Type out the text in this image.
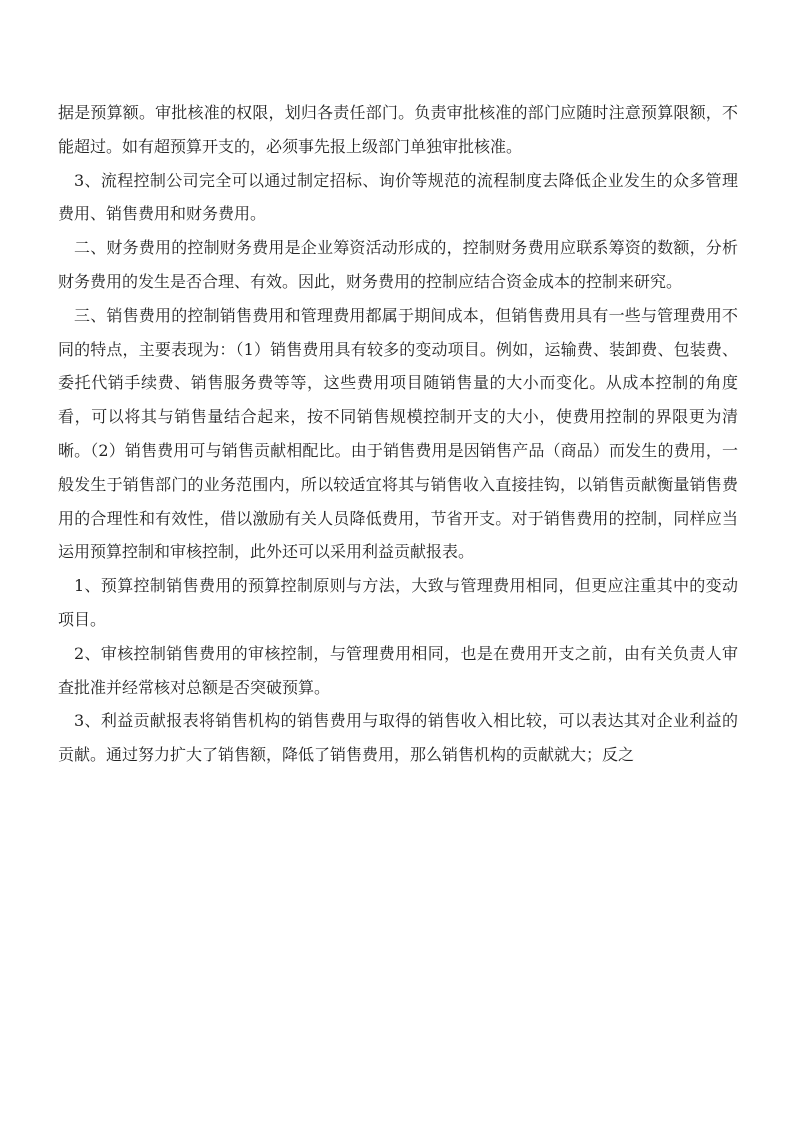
据是预算额。审批核准的权限，划归各责任部门。负责审批核准的部门应随时注意预算限额，不能超过。如有超预算开支的，必须事先报上级部门单独审批核准。

3、流程控制公司完全可以通过制定招标、询价等规范的流程制度去降低企业发生的众多管理费用、销售费用和财务费用。

二、财务费用的控制财务费用是企业筹资活动形成的，控制财务费用应联系筹资的数额，分析财务费用的发生是否合理、有效。因此，财务费用的控制应结合资金成本的控制来研究。

三、销售费用的控制销售费用和管理费用都属于期间成本，但销售费用具有一些与管理费用不同的特点，主要表现为：（1）销售费用具有较多的变动项目。例如，运输费、装卸费、包装费、委托代销手续费、销售服务费等等，这些费用项目随销售量的大小而变化。从成本控制的角度看，可以将其与销售量结合起来，按不同销售规模控制开支的大小，使费用控制的界限更为清晰。（2）销售费用可与销售贡献相配比。由于销售费用是因销售产品（商品）而发生的费用，一般发生于销售部门的业务范围内，所以较适宜将其与销售收入直接挂钩，以销售贡献衡量销售费用的合理性和有效性，借以激励有关人员降低费用，节省开支。对于销售费用的控制，同样应当运用预算控制和审核控制，此外还可以采用利益贡献报表。

1、预算控制销售费用的预算控制原则与方法，大致与管理费用相同，但更应注重其中的变动项目。

2、审核控制销售费用的审核控制，与管理费用相同，也是在费用开支之前，由有关负责人审查批准并经常核对总额是否突破预算。

3、利益贡献报表将销售机构的销售费用与取得的销售收入相比较，可以表达其对企业利益的贡献。通过努力扩大了销售额，降低了销售费用，那么销售机构的贡献就大；反之
